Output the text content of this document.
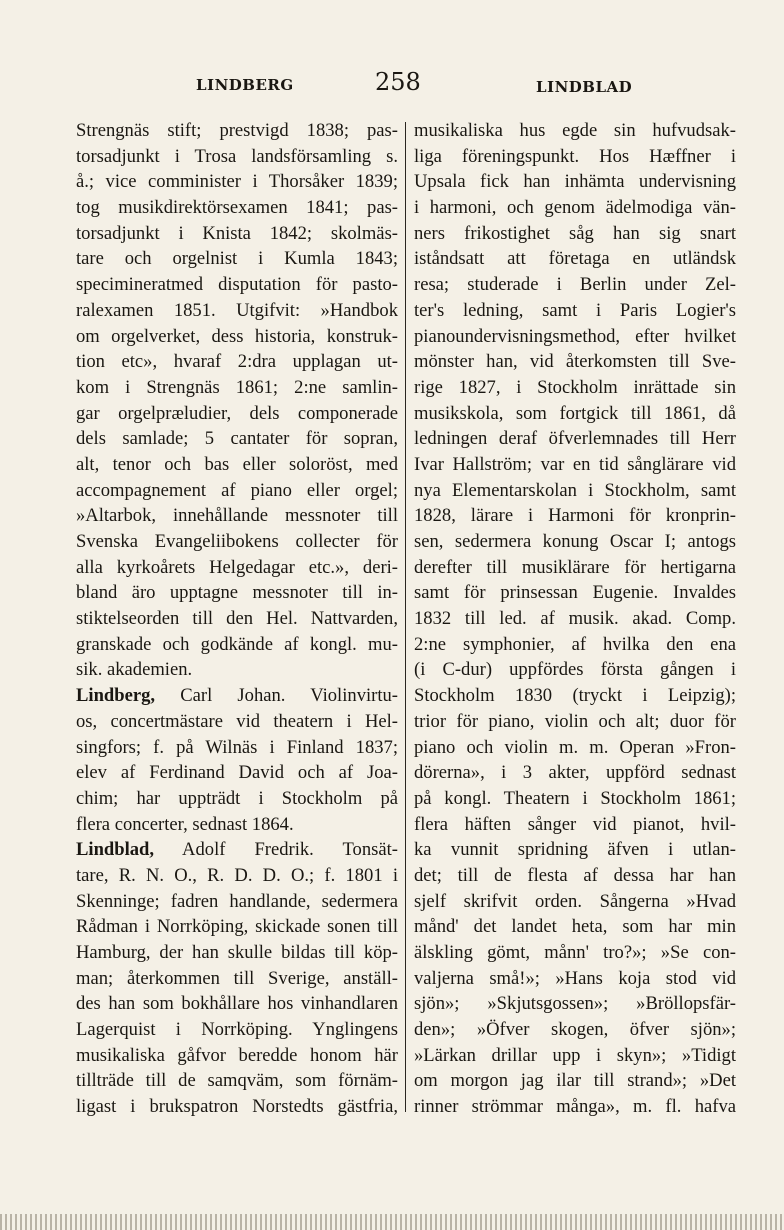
LINDBERG	258	LINDBLAD
Strengnäs stift; prestvigd 1838; pas-
torsadjunkt i Trosa landsförsamling s.
å.; vice comminister i Thorsåker 1839;
tog musikdirektörsexamen 1841; pas-
torsadjunkt i Knista 1842; skolmäs-
tare och orgelnist i Kumla 1843;
specimineratmed disputation för pasto-
ralexamen 1851. Utgifvit: »Handbok
om orgelverket, dess historia, konstruk-
tion etc», hvaraf 2:dra upplagan ut-
kom i Strengnäs 1861; 2:ne samlin-
gar orgelpræludier, dels componerade
dels samlade; 5 cantater för sopran,
alt, tenor och bas eller soloröst, med
accompagnement af piano eller orgel;
»Altarbok, innehållande messnoter till
Svenska Evangeliibokens collecter för
alla kyrkoårets Helgedagar etc.», deri-
bland äro upptagne messnoter till in-
stiktelseorden till den Hel. Nattvarden,
granskade och godkände af kongl. mu-
sik. akademien.
Lindberg, Carl Johan. Violinvirtu-
os, concertmästare vid theatern i Hel-
singfors; f. på Wilnäs i Finland 1837;
elev af Ferdinand David och af Joa-
chim; har uppträdt i Stockholm på
flera concerter, sednast 1864.
Lindblad, Adolf Fredrik. Tonsät-
tare, R. N. O., R. D. D. O.; f. 1801 i
Skenninge; fadren handlande, sedermera
Rådman i Norrköping, skickade sonen till
Hamburg, der han skulle bildas till köp-
man; återkommen till Sverige, anställ-
des han som bokhållare hos vinhandlaren
Lagerquist i Norrköping. Ynglingens
musikaliska gåfvor beredde honom här
tillträde till de samqväm, som förnäm-
ligast i brukspatron Norstedts gästfria,
musikaliska hus egde sin hufvudsak-
liga föreningspunkt. Hos Hæffner i
Upsala fick han inhämta undervisning
i harmoni, och genom ädelmodiga vän-
ners frikostighet såg han sig snart
iståndsatt att företaga en utländsk
resa; studerade i Berlin under Zel-
ter's ledning, samt i Paris Logier's
pianoundervisningsmethod, efter hvilket
mönster han, vid återkomsten till Sve-
rige 1827, i Stockholm inrättade sin
musikskola, som fortgick till 1861, då
ledningen deraf öfverlemnades till Herr
Ivar Hallström; var en tid sånglärare vid
nya Elementarskolan i Stockholm, samt
1828, lärare i Harmoni för kronprin-
sen, sedermera konung Oscar I; antogs
derefter till musiklärare för hertigarna
samt för prinsessan Eugenie. Invaldes
1832 till led. af musik. akad. Comp.
2:ne symphonier, af hvilka den ena
(i C-dur) uppfördes första gången i
Stockholm 1830 (tryckt i Leipzig);
trior för piano, violin och alt; duor för
piano och violin m. m. Operan »Fron-
dörerna», i 3 akter, uppförd sednast
på kongl. Theatern i Stockholm 1861;
flera häften sånger vid pianot, hvil-
ka vunnit spridning äfven i utlan-
det; till de flesta af dessa har han
sjelf skrifvit orden. Sångerna »Hvad
månd' det landet heta, som har min
älskling gömt, månn' tro?»; »Se con-
valjerna små!»; »Hans koja stod vid
sjön»; »Skjutsgossen»; »Bröllopsfär-
den»; »Öfver skogen, öfver sjön»;
»Lärkan drillar upp i skyn»; »Tidigt
om morgon jag ilar till strand»; »Det
rinner strömmar många», m. fl. hafva
